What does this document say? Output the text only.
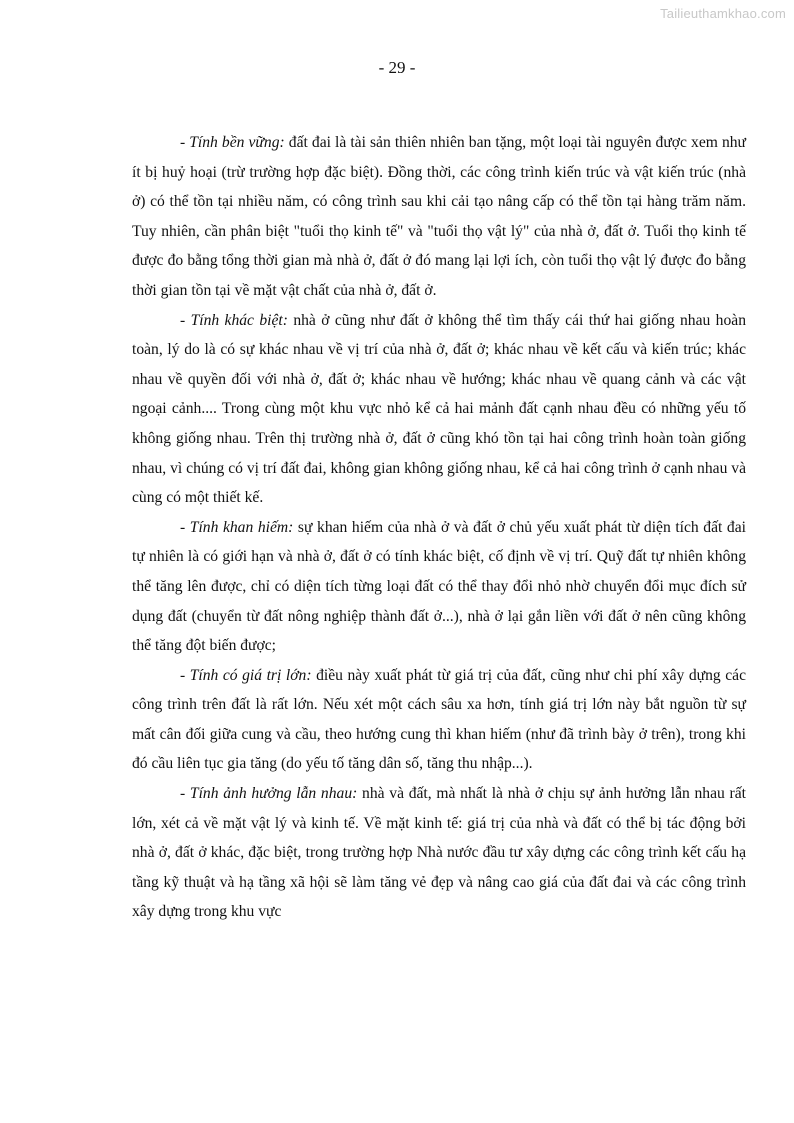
Tailieuthamkhao.com
- 29 -

- Tính bền vững: đất đai là tài sản thiên nhiên ban tặng, một loại tài nguyên được xem như ít bị huỷ hoại (trừ trường hợp đặc biệt). Đồng thời, các công trình kiến trúc và vật kiến trúc (nhà ở) có thể tồn tại nhiều năm, có công trình sau khi cải tạo nâng cấp có thể tồn tại hàng trăm năm. Tuy nhiên, cần phân biệt "tuổi thọ kinh tế" và "tuổi thọ vật lý" của nhà ở, đất ở. Tuổi thọ kinh tế được đo bằng tổng thời gian mà nhà ở, đất ở đó mang lại lợi ích, còn tuổi thọ vật lý được đo bằng thời gian tồn tại về mặt vật chất của nhà ở, đất ở.

- Tính khác biệt: nhà ở cũng như đất ở không thể tìm thấy cái thứ hai giống nhau hoàn toàn, lý do là có sự khác nhau về vị trí của nhà ở, đất ở; khác nhau về kết cấu và kiến trúc; khác nhau về quyền đối với nhà ở, đất ở; khác nhau về hướng; khác nhau về quang cảnh và các vật ngoại cảnh.... Trong cùng một khu vực nhỏ kể cả hai mảnh đất cạnh nhau đều có những yếu tố không giống nhau. Trên thị trường nhà ở, đất ở cũng khó tồn tại hai công trình hoàn toàn giống nhau, vì chúng có vị trí đất đai, không gian không giống nhau, kể cả hai công trình ở cạnh nhau và cùng có một thiết kế.

- Tính khan hiếm: sự khan hiếm của nhà ở và đất ở chủ yếu xuất phát từ diện tích đất đai tự nhiên là có giới hạn và nhà ở, đất ở có tính khác biệt, cố định về vị trí. Quỹ đất tự nhiên không thể tăng lên được, chỉ có diện tích từng loại đất có thể thay đổi nhỏ nhờ chuyển đổi mục đích sử dụng đất (chuyển từ đất nông nghiệp thành đất ở...), nhà ở lại gắn liền với đất ở nên cũng không thể tăng đột biến được;

- Tính có giá trị lớn: điều này xuất phát từ giá trị của đất, cũng như chi phí xây dựng các công trình trên đất là rất lớn. Nếu xét một cách sâu xa hơn, tính giá trị lớn này bắt nguồn từ sự mất cân đối giữa cung và cầu, theo hướng cung thì khan hiếm (như đã trình bày ở trên), trong khi đó cầu liên tục gia tăng (do yếu tố tăng dân số, tăng thu nhập...).

- Tính ảnh hưởng lẫn nhau: nhà và đất, mà nhất là nhà ở chịu sự ảnh hưởng lẫn nhau rất lớn, xét cả về mặt vật lý và kinh tế. Về mặt kinh tế: giá trị của nhà và đất có thể bị tác động bởi nhà ở, đất ở khác, đặc biệt, trong trường hợp Nhà nước đầu tư xây dựng các công trình kết cấu hạ tầng kỹ thuật và hạ tầng xã hội sẽ làm tăng vẻ đẹp và nâng cao giá của đất đai và các công trình xây dựng trong khu vực
